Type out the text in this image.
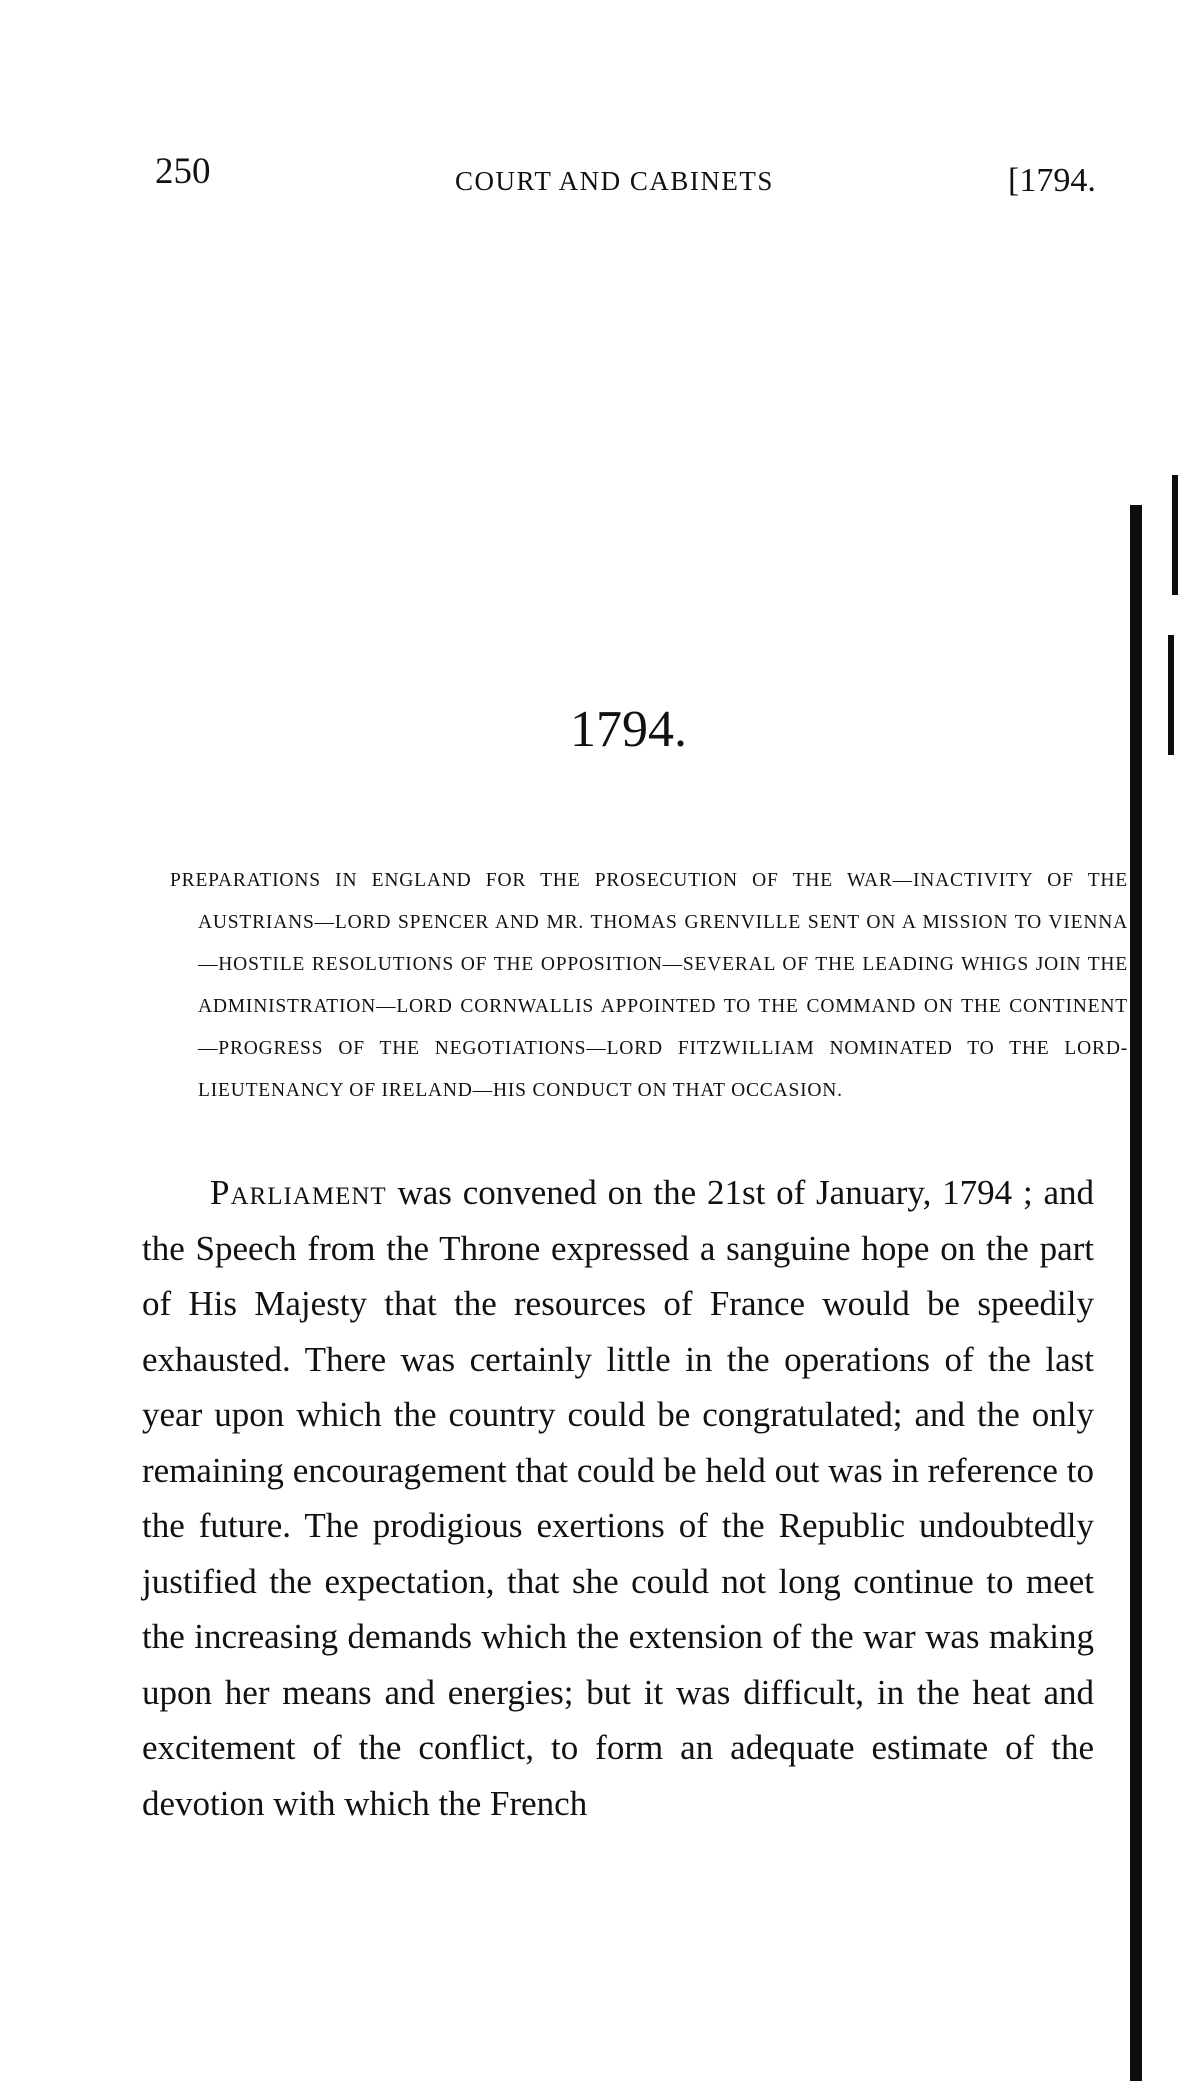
250	COURT AND CABINETS	[1794.
1794.

PREPARATIONS IN ENGLAND FOR THE PROSECUTION OF THE WAR—INACTIVITY OF THE AUSTRIANS—LORD SPENCER AND MR. THOMAS GRENVILLE SENT ON A MISSION TO VIENNA—HOSTILE RESOLUTIONS OF THE OPPOSITION—SEVERAL OF THE LEADING WHIGS JOIN THE ADMINISTRATION—LORD CORNWALLIS APPOINTED TO THE COMMAND ON THE CONTINENT—PROGRESS OF THE NEGOTIATIONS—LORD FITZWILLIAM NOMINATED TO THE LORD-LIEUTENANCY OF IRELAND—HIS CONDUCT ON THAT OCCASION.

Parliament was convened on the 21st of January, 1794 ; and the Speech from the Throne expressed a sanguine hope on the part of His Majesty that the resources of France would be speedily exhausted. There was certainly little in the operations of the last year upon which the country could be congratulated; and the only remaining encouragement that could be held out was in reference to the future. The prodigious exertions of the Republic undoubtedly justified the expectation, that she could not long continue to meet the increasing demands which the extension of the war was making upon her means and energies; but it was difficult, in the heat and excitement of the conflict, to form an adequate estimate of the devotion with which the French
